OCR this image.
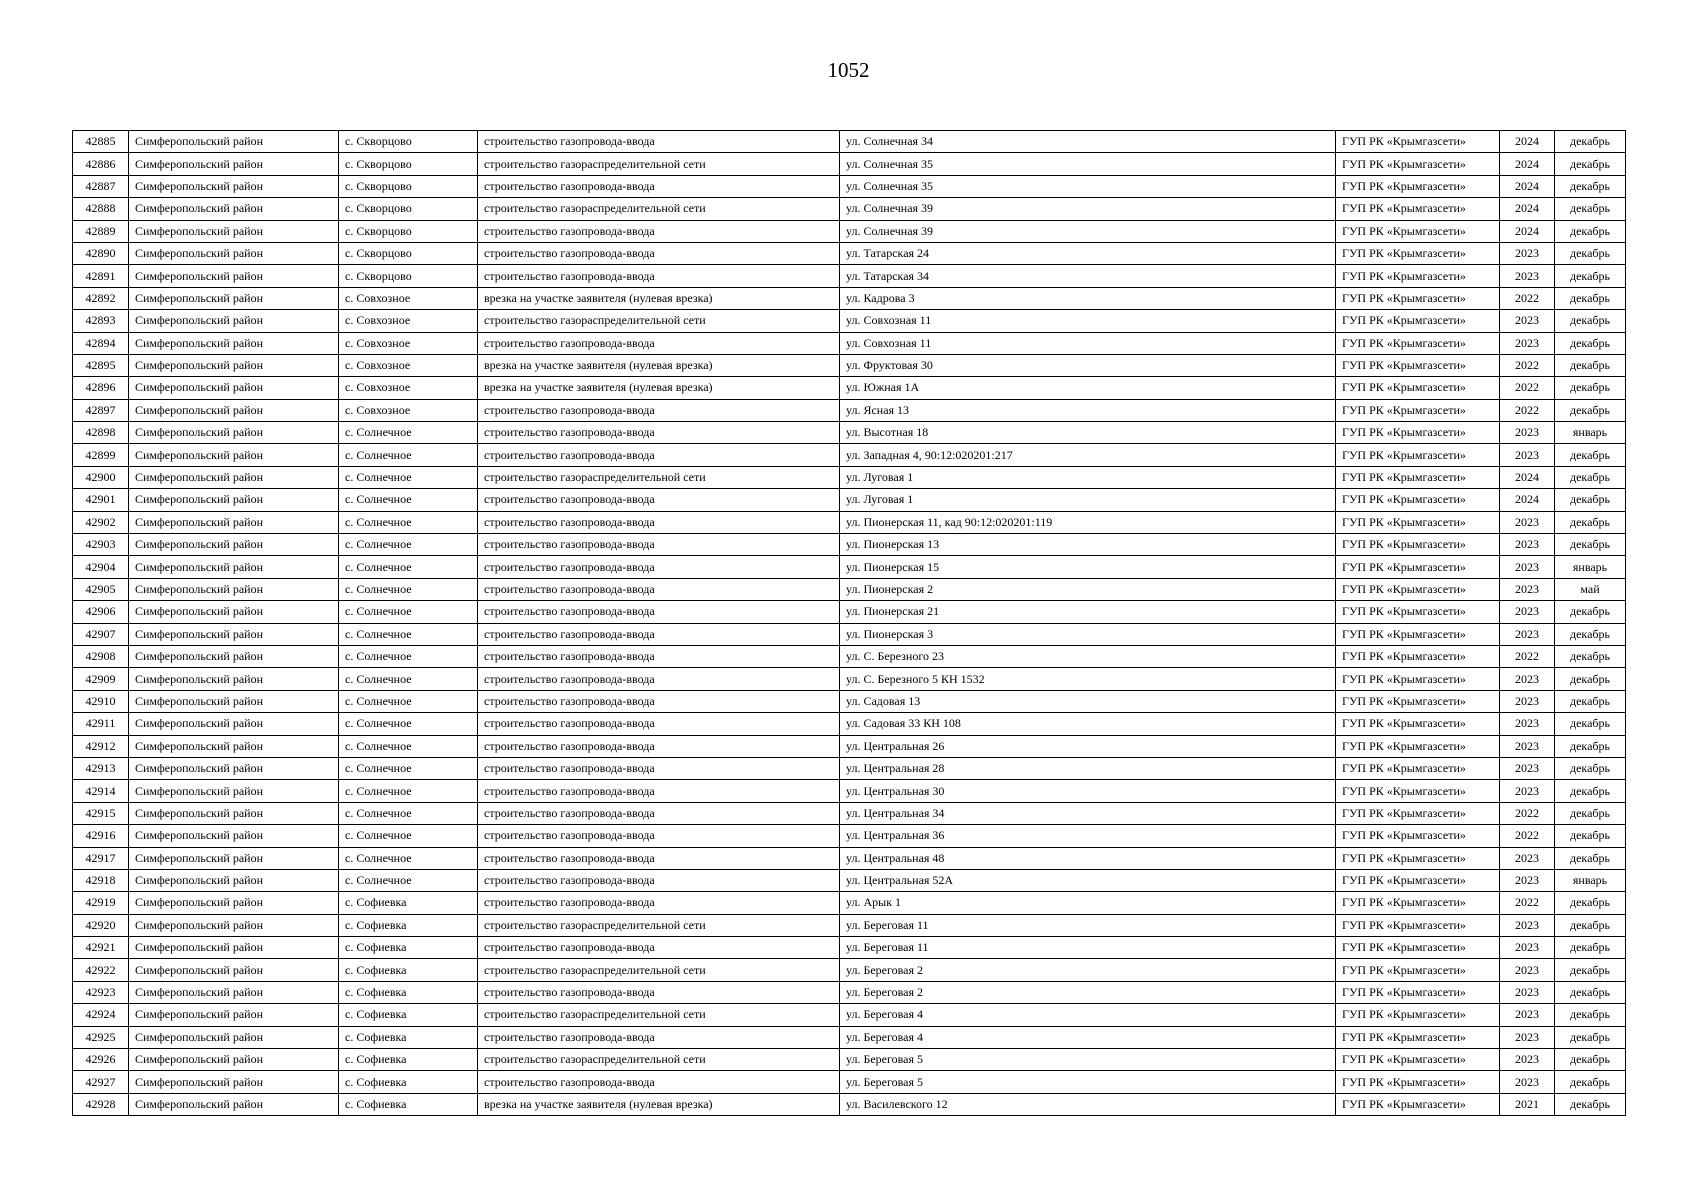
1052
42885	Симферопольский район	с. Скворцово	строительство газопровода-ввода	ул. Солнечная 34	ГУП РК «Крымгазсети»	2024	декабрь
42886	Симферопольский район	с. Скворцово	строительство газораспределительной сети	ул. Солнечная 35	ГУП РК «Крымгазсети»	2024	декабрь
42887	Симферопольский район	с. Скворцово	строительство газопровода-ввода	ул. Солнечная 35	ГУП РК «Крымгазсети»	2024	декабрь
42888	Симферопольский район	с. Скворцово	строительство газораспределительной сети	ул. Солнечная 39	ГУП РК «Крымгазсети»	2024	декабрь
42889	Симферопольский район	с. Скворцово	строительство газопровода-ввода	ул. Солнечная 39	ГУП РК «Крымгазсети»	2024	декабрь
42890	Симферопольский район	с. Скворцово	строительство газопровода-ввода	ул. Татарская 24	ГУП РК «Крымгазсети»	2023	декабрь
42891	Симферопольский район	с. Скворцово	строительство газопровода-ввода	ул. Татарская 34	ГУП РК «Крымгазсети»	2023	декабрь
42892	Симферопольский район	с. Совхозное	врезка на участке заявителя (нулевая врезка)	ул. Кадрова 3	ГУП РК «Крымгазсети»	2022	декабрь
42893	Симферопольский район	с. Совхозное	строительство газораспределительной сети	ул. Совхозная 11	ГУП РК «Крымгазсети»	2023	декабрь
42894	Симферопольский район	с. Совхозное	строительство газопровода-ввода	ул. Совхозная 11	ГУП РК «Крымгазсети»	2023	декабрь
42895	Симферопольский район	с. Совхозное	врезка на участке заявителя (нулевая врезка)	ул. Фруктовая 30	ГУП РК «Крымгазсети»	2022	декабрь
42896	Симферопольский район	с. Совхозное	врезка на участке заявителя (нулевая врезка)	ул. Южная 1А	ГУП РК «Крымгазсети»	2022	декабрь
42897	Симферопольский район	с. Совхозное	строительство газопровода-ввода	ул. Ясная 13	ГУП РК «Крымгазсети»	2022	декабрь
42898	Симферопольский район	с. Солнечное	строительство газопровода-ввода	ул. Высотная 18	ГУП РК «Крымгазсети»	2023	январь
42899	Симферопольский район	с. Солнечное	строительство газопровода-ввода	ул. Западная 4, 90:12:020201:217	ГУП РК «Крымгазсети»	2023	декабрь
42900	Симферопольский район	с. Солнечное	строительство газораспределительной сети	ул. Луговая 1	ГУП РК «Крымгазсети»	2024	декабрь
42901	Симферопольский район	с. Солнечное	строительство газопровода-ввода	ул. Луговая 1	ГУП РК «Крымгазсети»	2024	декабрь
42902	Симферопольский район	с. Солнечное	строительство газопровода-ввода	ул. Пионерская 11, кад 90:12:020201:119	ГУП РК «Крымгазсети»	2023	декабрь
42903	Симферопольский район	с. Солнечное	строительство газопровода-ввода	ул. Пионерская 13	ГУП РК «Крымгазсети»	2023	декабрь
42904	Симферопольский район	с. Солнечное	строительство газопровода-ввода	ул. Пионерская 15	ГУП РК «Крымгазсети»	2023	январь
42905	Симферопольский район	с. Солнечное	строительство газопровода-ввода	ул. Пионерская 2	ГУП РК «Крымгазсети»	2023	май
42906	Симферопольский район	с. Солнечное	строительство газопровода-ввода	ул. Пионерская 21	ГУП РК «Крымгазсети»	2023	декабрь
42907	Симферопольский район	с. Солнечное	строительство газопровода-ввода	ул. Пионерская 3	ГУП РК «Крымгазсети»	2023	декабрь
42908	Симферопольский район	с. Солнечное	строительство газопровода-ввода	ул. С. Березного 23	ГУП РК «Крымгазсети»	2022	декабрь
42909	Симферопольский район	с. Солнечное	строительство газопровода-ввода	ул. С. Березного 5 КН 1532	ГУП РК «Крымгазсети»	2023	декабрь
42910	Симферопольский район	с. Солнечное	строительство газопровода-ввода	ул. Садовая 13	ГУП РК «Крымгазсети»	2023	декабрь
42911	Симферопольский район	с. Солнечное	строительство газопровода-ввода	ул. Садовая 33 КН 108	ГУП РК «Крымгазсети»	2023	декабрь
42912	Симферопольский район	с. Солнечное	строительство газопровода-ввода	ул. Центральная 26	ГУП РК «Крымгазсети»	2023	декабрь
42913	Симферопольский район	с. Солнечное	строительство газопровода-ввода	ул. Центральная 28	ГУП РК «Крымгазсети»	2023	декабрь
42914	Симферопольский район	с. Солнечное	строительство газопровода-ввода	ул. Центральная 30	ГУП РК «Крымгазсети»	2023	декабрь
42915	Симферопольский район	с. Солнечное	строительство газопровода-ввода	ул. Центральная 34	ГУП РК «Крымгазсети»	2022	декабрь
42916	Симферопольский район	с. Солнечное	строительство газопровода-ввода	ул. Центральная 36	ГУП РК «Крымгазсети»	2022	декабрь
42917	Симферопольский район	с. Солнечное	строительство газопровода-ввода	ул. Центральная 48	ГУП РК «Крымгазсети»	2023	декабрь
42918	Симферопольский район	с. Солнечное	строительство газопровода-ввода	ул. Центральная 52А	ГУП РК «Крымгазсети»	2023	январь
42919	Симферопольский район	с. Софиевка	строительство газопровода-ввода	ул. Арык 1	ГУП РК «Крымгазсети»	2022	декабрь
42920	Симферопольский район	с. Софиевка	строительство газораспределительной сети	ул. Береговая 11	ГУП РК «Крымгазсети»	2023	декабрь
42921	Симферопольский район	с. Софиевка	строительство газопровода-ввода	ул. Береговая 11	ГУП РК «Крымгазсети»	2023	декабрь
42922	Симферопольский район	с. Софиевка	строительство газораспределительной сети	ул. Береговая 2	ГУП РК «Крымгазсети»	2023	декабрь
42923	Симферопольский район	с. Софиевка	строительство газопровода-ввода	ул. Береговая 2	ГУП РК «Крымгазсети»	2023	декабрь
42924	Симферопольский район	с. Софиевка	строительство газораспределительной сети	ул. Береговая 4	ГУП РК «Крымгазсети»	2023	декабрь
42925	Симферопольский район	с. Софиевка	строительство газопровода-ввода	ул. Береговая 4	ГУП РК «Крымгазсети»	2023	декабрь
42926	Симферопольский район	с. Софиевка	строительство газораспределительной сети	ул. Береговая 5	ГУП РК «Крымгазсети»	2023	декабрь
42927	Симферопольский район	с. Софиевка	строительство газопровода-ввода	ул. Береговая 5	ГУП РК «Крымгазсети»	2023	декабрь
42928	Симферопольский район	с. Софиевка	врезка на участке заявителя (нулевая врезка)	ул. Василевского 12	ГУП РК «Крымгазсети»	2021	декабрь
